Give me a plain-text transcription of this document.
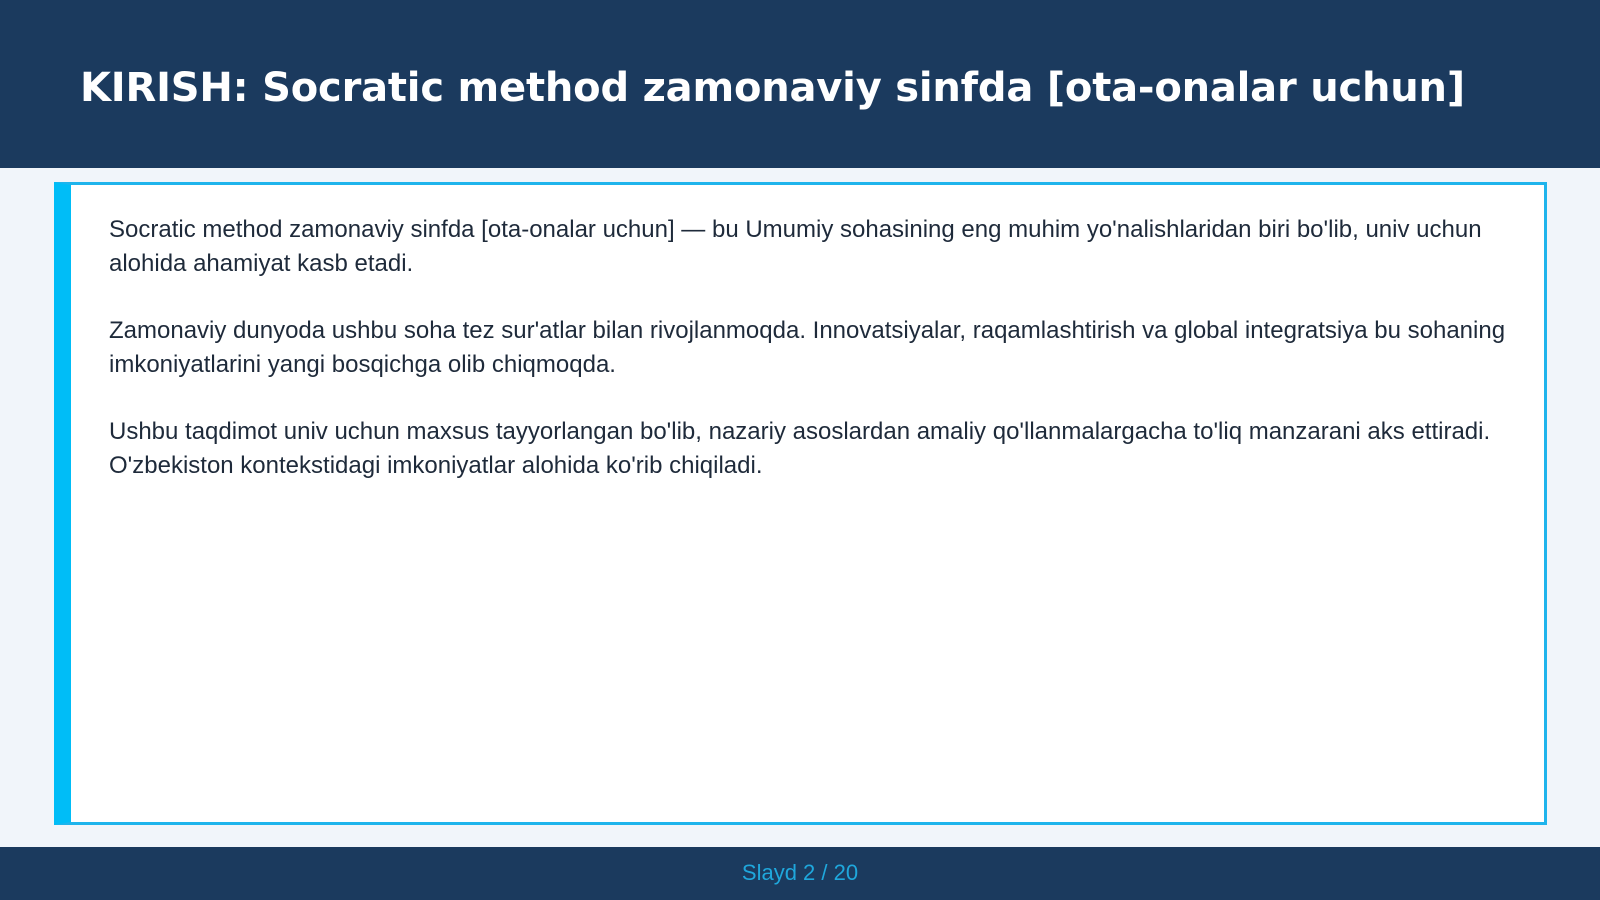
KIRISH: Socratic method zamonaviy sinfda [ota-onalar uchun]

Socratic method zamonaviy sinfda [ota-onalar uchun] — bu Umumiy sohasining eng muhim yo'nalishlaridan biri bo'lib, univ uchun alohida ahamiyat kasb etadi.

Zamonaviy dunyoda ushbu soha tez sur'atlar bilan rivojlanmoqda. Innovatsiyalar, raqamlashtirish va global integratsiya bu sohaning imkoniyatlarini yangi bosqichga olib chiqmoqda.

Ushbu taqdimot univ uchun maxsus tayyorlangan bo'lib, nazariy asoslardan amaliy qo'llanmalargacha to'liq manzarani aks ettiradi. O'zbekiston kontekstidagi imkoniyatlar alohida ko'rib chiqiladi.

Slayd 2 / 20
